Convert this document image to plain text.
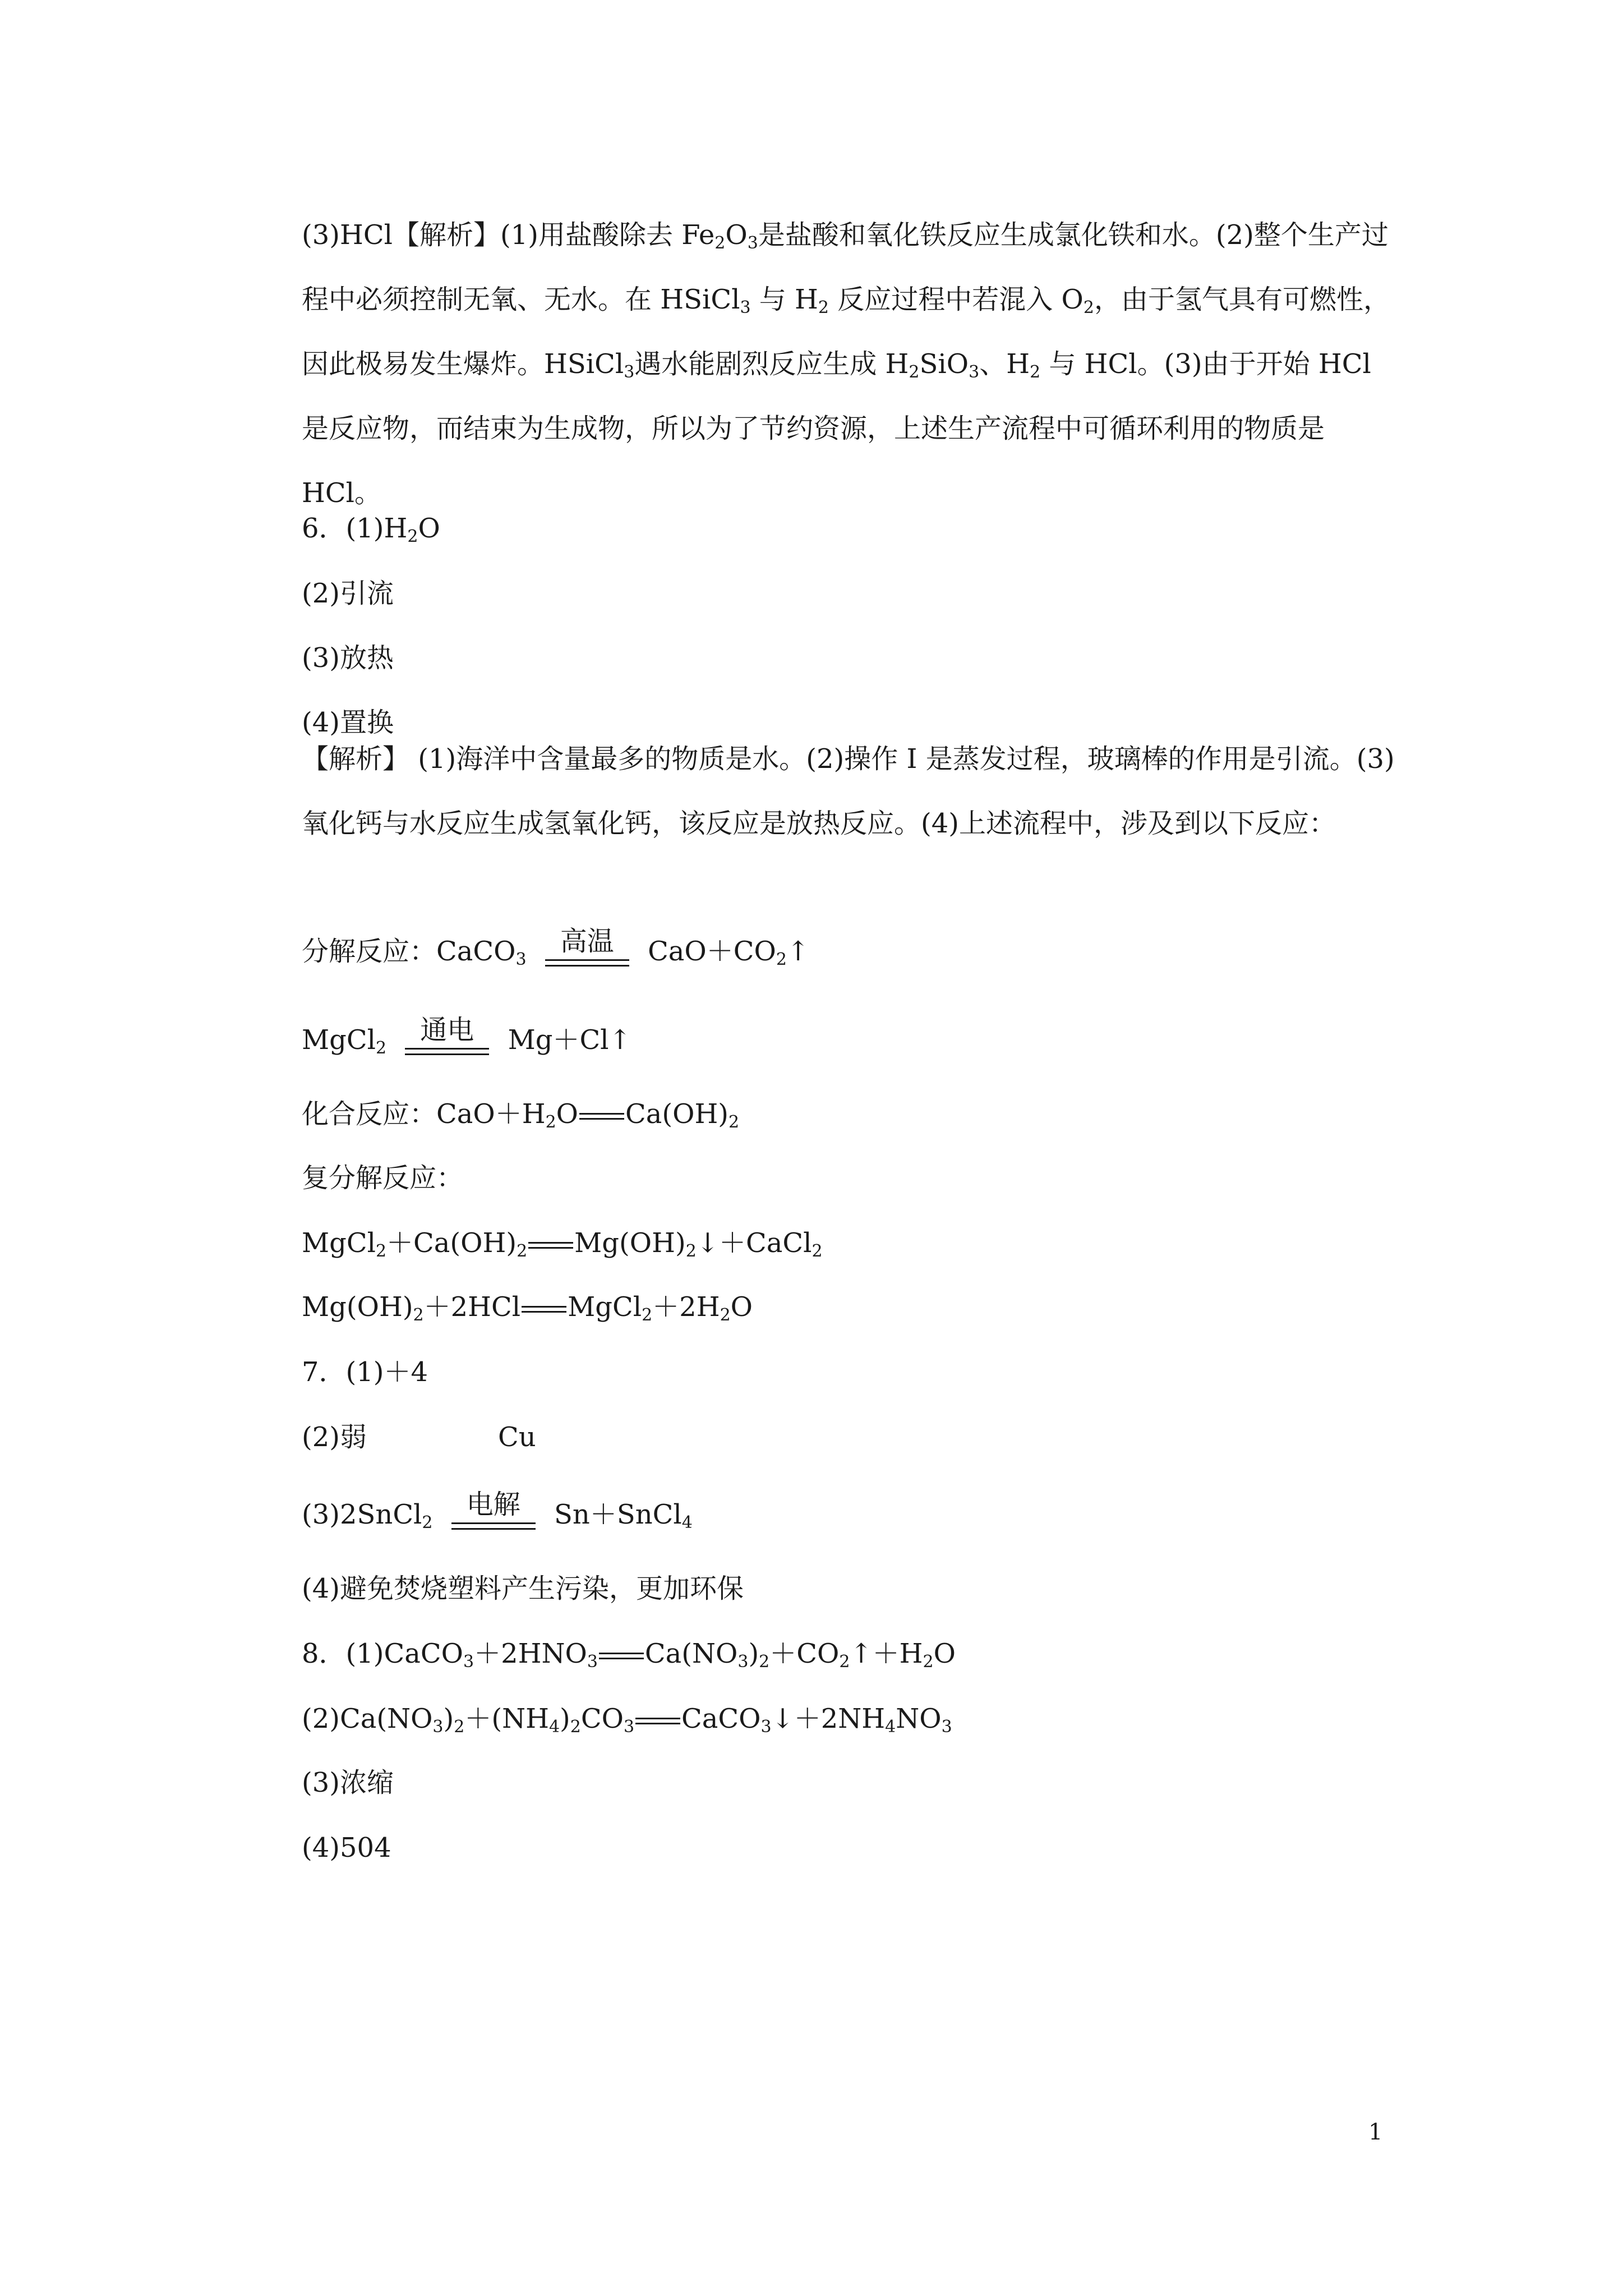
(3)HCl【解析】(1)用盐酸除去 $Fe_2O_3$是盐酸和氧化铁反应生成氯化铁和水。(2)整个生产过程中必须控制无氧、无水。在 HSiCl$_3$ 与 $H_2$ 反应过程中若混入 $O_2$，由于氢气具有可燃性，因此极易发生爆炸。HSiCl$_3$遇水能剧烈反应生成 $H_2SiO_3$、$H_2$ 与 HCl。(3)由于开始 HCl 是反应物，而结束为生成物，所以为了节约资源，上述生产流程中可循环利用的物质是 HCl。
6．$(1)H_2O$
(2)引流
(3)放热
(4)置换
【解析】 (1)海洋中含量最多的物质是水。(2)操作 I 是蒸发过程，玻璃棒的作用是引流。(3)氧化钙与水反应生成氢氧化钙，该反应是放热反应。(4)上述流程中，涉及到以下反应：
分解反应：CaCO$_3$
高温	$CaO+CO_2↑$
MgCl$_2$
通电	Mg＋Cl↑
化合反应：$CaO+H_2O$ $Ca(OH)_2$
复分解反应：
$MgCl_2+Ca(OH)_2$ $Mg(OH)_2↓+CaCl_2$
$Mg(OH)_2+2HCl$ $MgCl_2+2H_2O$
7．(1)＋4
(2)弱	Cu
(3)2SnCl$_2$
电解	Sn＋SnCl$_4$
(4)避免焚烧塑料产生污染，更加环保
8．$(1)CaCO_3+2HNO_3$ $Ca(NO_3)_2+CO_2↑+H_2O$
$(2)Ca(NO_3)_2+(NH_4)_2CO_3$ $CaCO_3↓+2NH_4NO_3$
(3)浓缩
(4)504
1
